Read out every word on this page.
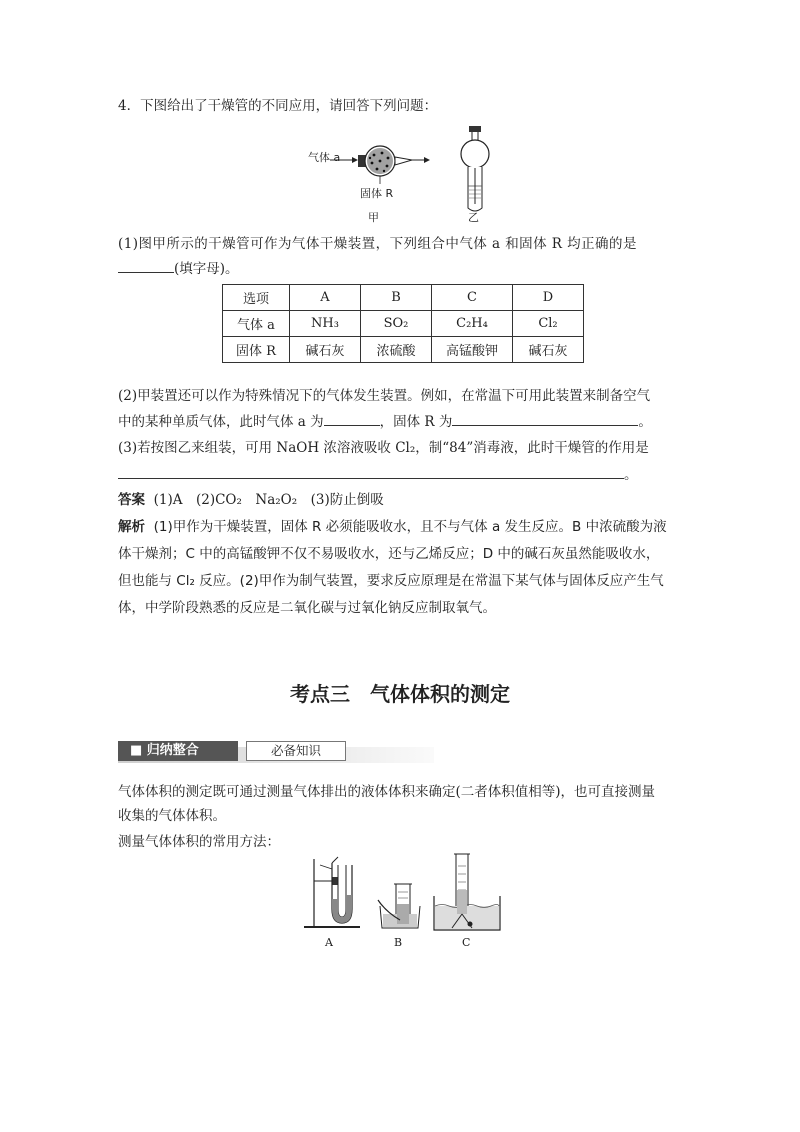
4．下图给出了干燥管的不同应用，请回答下列问题：
气体 a
固体 R
甲	乙
(1)图甲所示的干燥管可作为气体干燥装置，下列组合中气体 a 和固体 R 均正确的是
(填字母)。
选项	A	B	C	D
气体 a	NH₃	SO₂	C₂H₄	Cl₂
固体 R	碱石灰	浓硫酸	高锰酸钾	碱石灰
(2)甲装置还可以作为特殊情况下的气体发生装置。例如，在常温下可用此装置来制备空气
中的某种单质气体，此时气体 a 为	，固体 R 为	。
(3)若按图乙来组装，可用 NaOH 浓溶液吸收 Cl₂，制“84”消毒液，此时干燥管的作用是
。
答案 (1)A　(2)CO₂　Na₂O₂　(3)防止倒吸
解析 (1)甲作为干燥装置，固体 R 必须能吸收水，且不与气体 a 发生反应。B 中浓硫酸为液
体干燥剂；C 中的高锰酸钾不仅不易吸收水，还与乙烯反应；D 中的碱石灰虽然能吸收水，
但也能与 Cl₂ 反应。(2)甲作为制气装置，要求反应原理是在常温下某气体与固体反应产生气
体，中学阶段熟悉的反应是二氧化碳与过氧化钠反应制取氧气。
考点三　气体体积的测定
■ 归纳整合	必备知识
气体体积的测定既可通过测量气体排出的液体体积来确定(二者体积值相等)，也可直接测量
收集的气体体积。
测量气体体积的常用方法：
A	B	C
